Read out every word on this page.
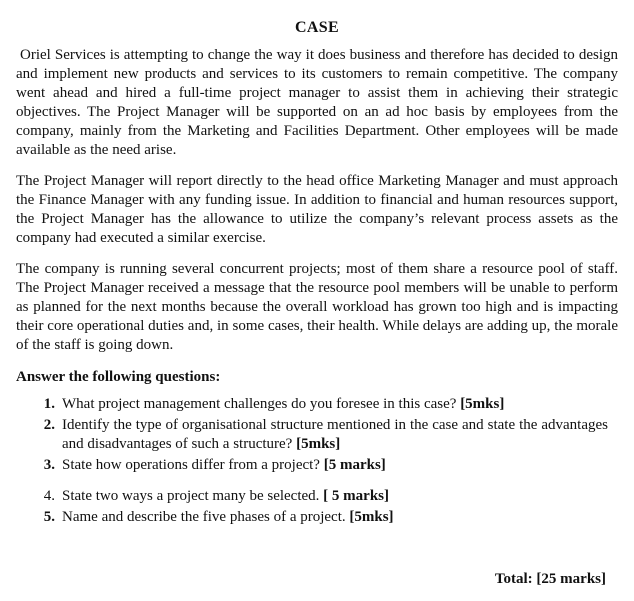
CASE

Oriel Services is attempting to change the way it does business and therefore has decided to design and implement new products and services to its customers to remain competitive. The company went ahead and hired a full-time project manager to assist them in achieving their strategic objectives. The Project Manager will be supported on an ad hoc basis by employees from the company, mainly from the Marketing and Facilities Department. Other employees will be made available as the need arise.

The Project Manager will report directly to the head office Marketing Manager and must approach the Finance Manager with any funding issue. In addition to financial and human resources support, the Project Manager has the allowance to utilize the company’s relevant process assets as the company had executed a similar exercise.

The company is running several concurrent projects; most of them share a resource pool of staff. The Project Manager received a message that the resource pool members will be unable to perform as planned for the next months because the overall workload has grown too high and is impacting their core operational duties and, in some cases, their health. While delays are adding up, the morale of the staff is going down.

Answer the following questions:
1. What project management challenges do you foresee in this case? [5mks]
2. Identify the type of organisational structure mentioned in the case and state the advantages and disadvantages of such a structure? [5mks]
3. State how operations differ from a project? [5 marks]
4. State two ways a project many be selected. [ 5 marks]
5. Name and describe the five phases of a project. [5mks]
Total: [25 marks]
